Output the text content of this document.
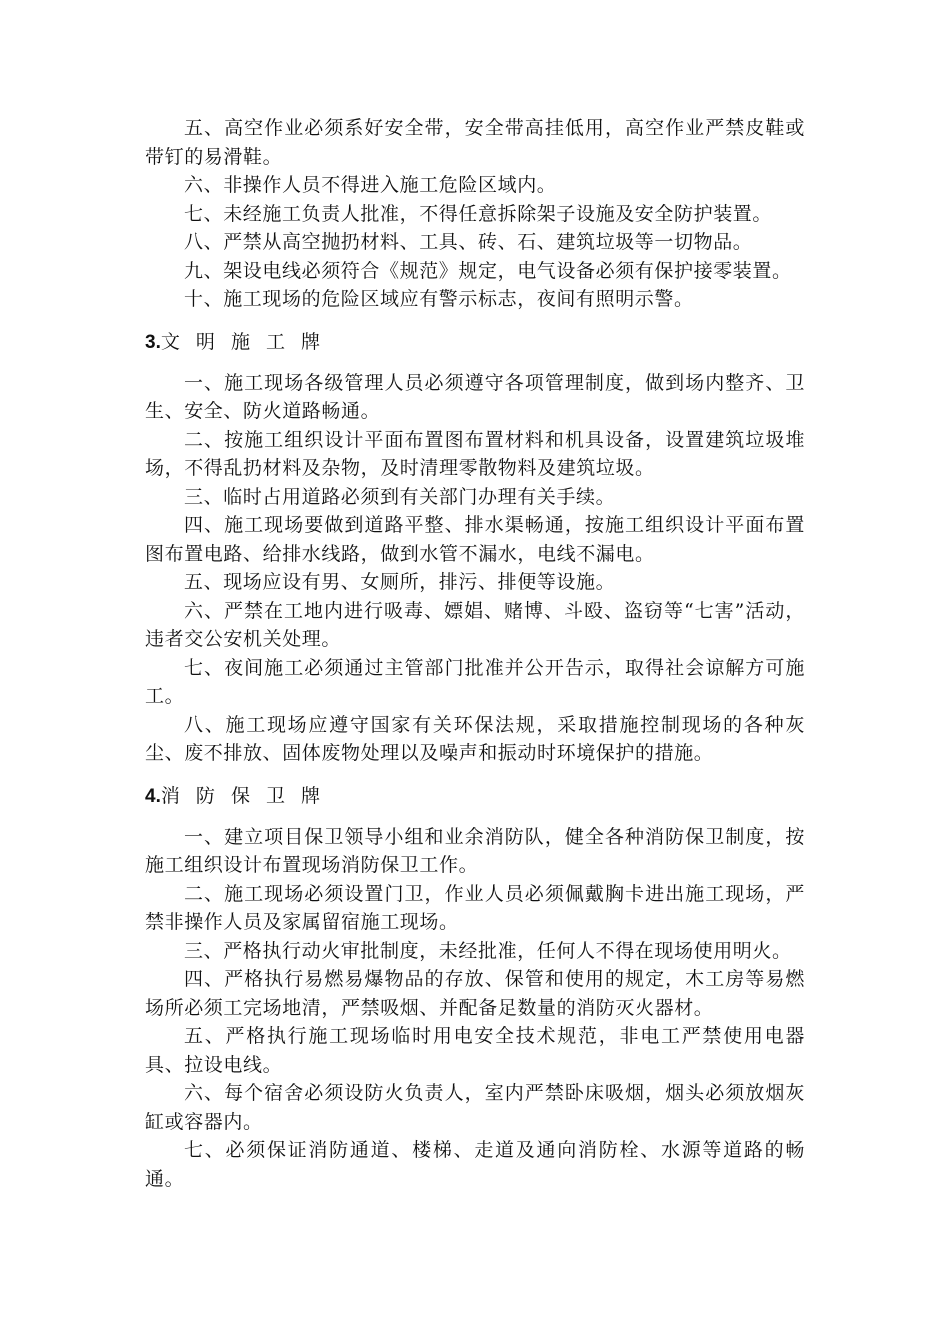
五、高空作业必须系好安全带，安全带高挂低用，高空作业严禁皮鞋或带钉的易滑鞋。

六、非操作人员不得进入施工危险区域内。

七、未经施工负责人批准，不得任意拆除架子设施及安全防护装置。

八、严禁从高空抛扔材料、工具、砖、石、建筑垃圾等一切物品。

九、架设电线必须符合《规范》规定，电气设备必须有保护接零装置。

十、施工现场的危险区域应有警示标志，夜间有照明示警。

3.文 明 施 工 牌

一、施工现场各级管理人员必须遵守各项管理制度，做到场内整齐、卫生、安全、防火道路畅通。

二、按施工组织设计平面布置图布置材料和机具设备，设置建筑垃圾堆场，不得乱扔材料及杂物，及时清理零散物料及建筑垃圾。

三、临时占用道路必须到有关部门办理有关手续。

四、施工现场要做到道路平整、排水渠畅通，按施工组织设计平面布置图布置电路、给排水线路，做到水管不漏水，电线不漏电。

五、现场应设有男、女厕所，排污、排便等设施。

六、严禁在工地内进行吸毒、嫖娼、赌博、斗殴、盗窃等“七害”活动，违者交公安机关处理。

七、夜间施工必须通过主管部门批准并公开告示，取得社会谅解方可施工。

八、施工现场应遵守国家有关环保法规，采取措施控制现场的各种灰尘、废不排放、固体废物处理以及噪声和振动时环境保护的措施。

4.消 防 保 卫 牌

一、建立项目保卫领导小组和业余消防队，健全各种消防保卫制度，按施工组织设计布置现场消防保卫工作。

二、施工现场必须设置门卫，作业人员必须佩戴胸卡进出施工现场，严禁非操作人员及家属留宿施工现场。

三、严格执行动火审批制度，未经批准，任何人不得在现场使用明火。

四、严格执行易燃易爆物品的存放、保管和使用的规定，木工房等易燃场所必须工完场地清，严禁吸烟、并配备足数量的消防灭火器材。

五、严格执行施工现场临时用电安全技术规范，非电工严禁使用电器具、拉设电线。

六、每个宿舍必须设防火负责人，室内严禁卧床吸烟，烟头必须放烟灰缸或容器内。

七、必须保证消防通道、楼梯、走道及通向消防栓、水源等道路的畅通。
